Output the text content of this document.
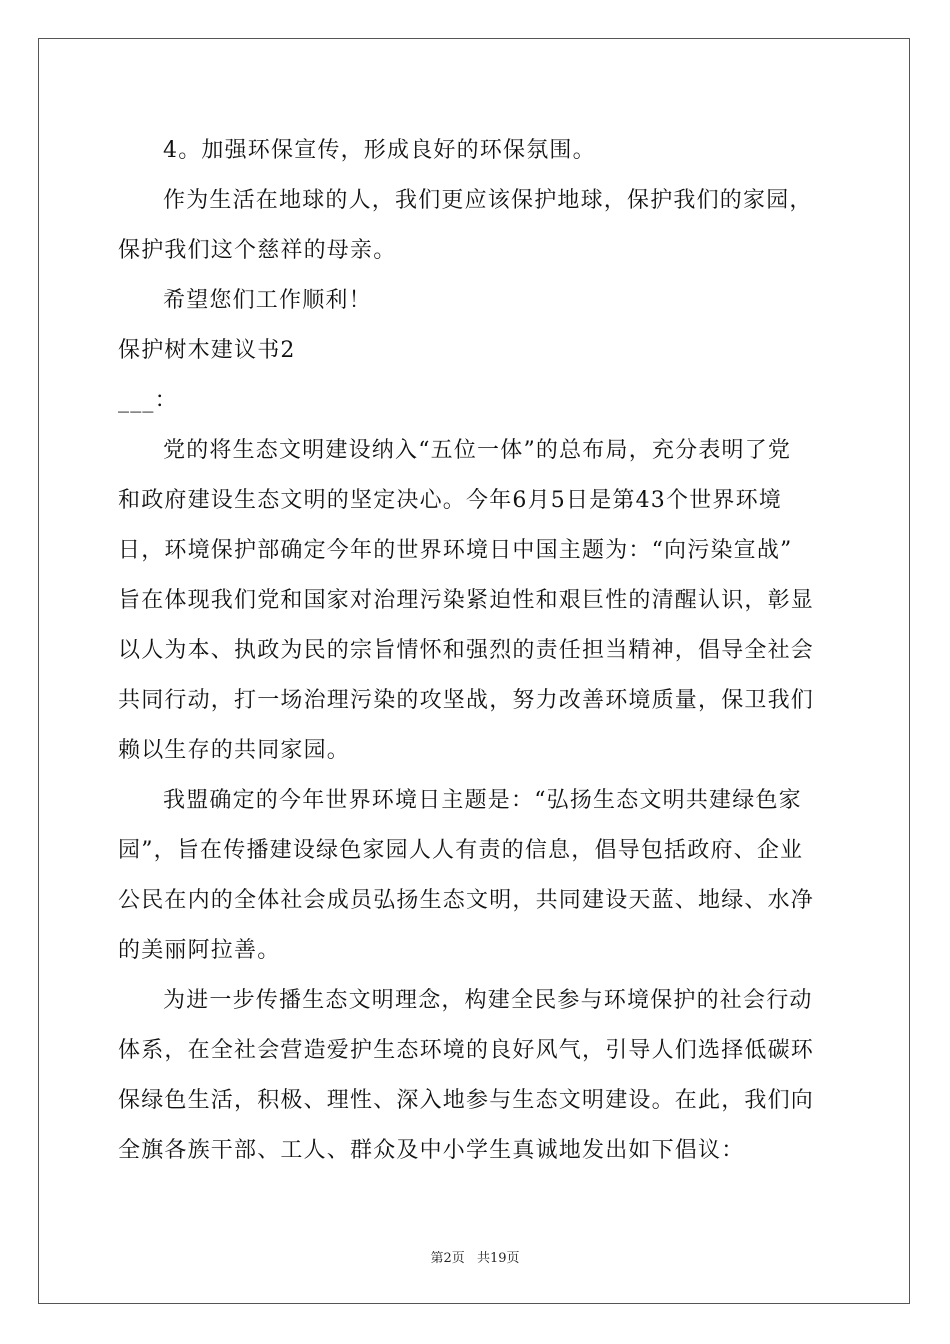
4。加强环保宣传，形成良好的环保氛围。
作为生活在地球的人，我们更应该保护地球，保护我们的家园，
保护我们这个慈祥的母亲。
希望您们工作顺利！
保护树木建议书2
___：
党的将生态文明建设纳入“五位一体”的总布局，充分表明了党
和政府建设生态文明的坚定决心。今年6月5日是第43个世界环境
日，环境保护部确定今年的世界环境日中国主题为：“向污染宣战”
旨在体现我们党和国家对治理污染紧迫性和艰巨性的清醒认识，彰显
以人为本、执政为民的宗旨情怀和强烈的责任担当精神，倡导全社会
共同行动，打一场治理污染的攻坚战，努力改善环境质量，保卫我们
赖以生存的共同家园。
我盟确定的今年世界环境日主题是：“弘扬生态文明共建绿色家
园”，旨在传播建设绿色家园人人有责的信息，倡导包括政府、企业
公民在内的全体社会成员弘扬生态文明，共同建设天蓝、地绿、水净
的美丽阿拉善。
为进一步传播生态文明理念，构建全民参与环境保护的社会行动
体系，在全社会营造爱护生态环境的良好风气，引导人们选择低碳环
保绿色生活，积极、理性、深入地参与生态文明建设。在此，我们向
全旗各族干部、工人、群众及中小学生真诚地发出如下倡议：
第2页 共19页
